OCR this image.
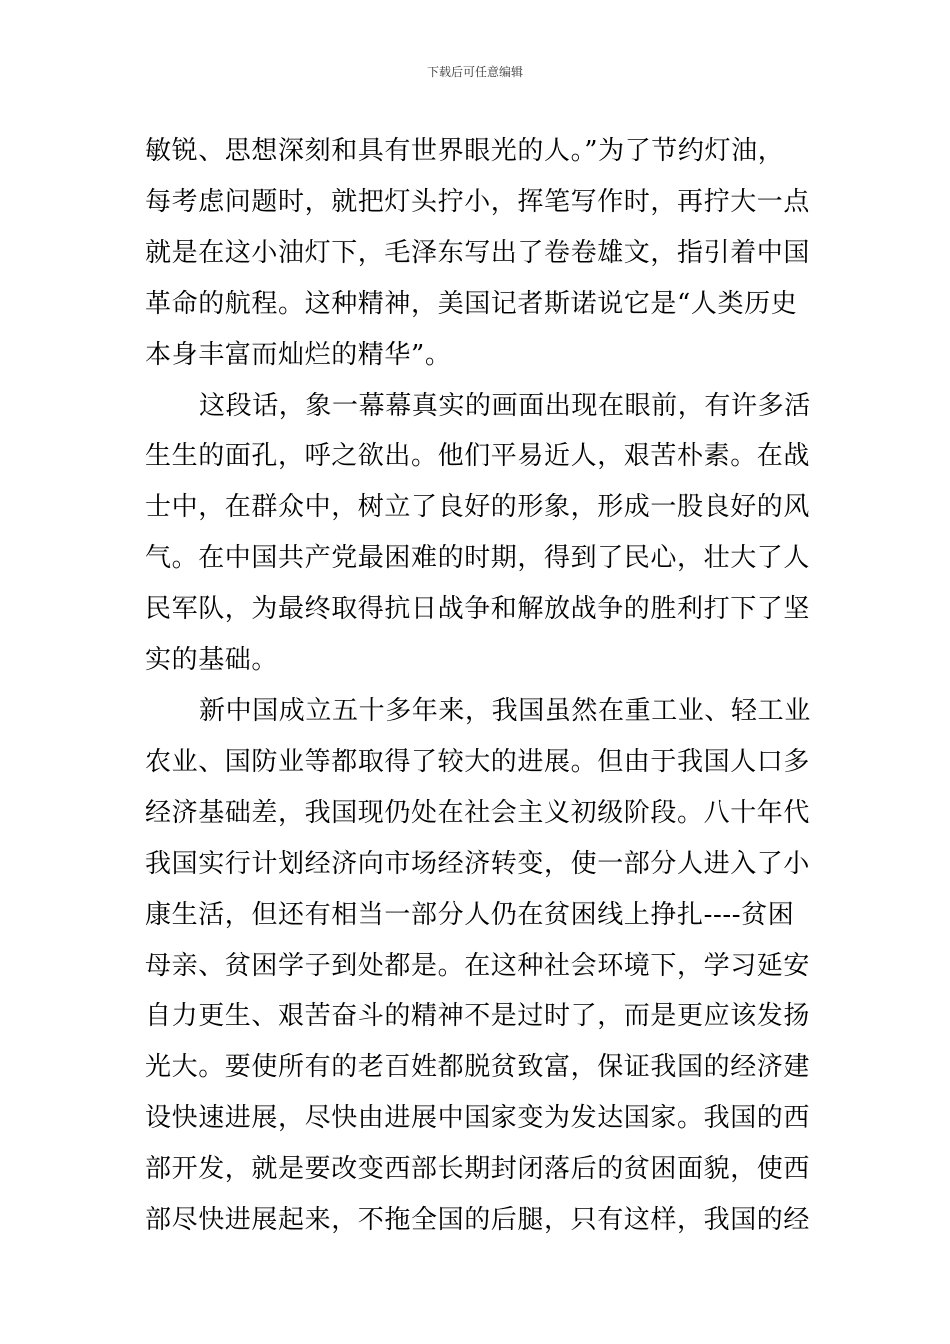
下载后可任意编辑
敏锐、思想深刻和具有世界眼光的人。”为了节约灯油，
每考虑问题时，就把灯头拧小，挥笔写作时，再拧大一点
就是在这小油灯下，毛泽东写出了卷卷雄文，指引着中国
革命的航程。这种精神，美国记者斯诺说它是“人类历史
本身丰富而灿烂的精华”。
这段话，象一幕幕真实的画面出现在眼前，有许多活
生生的面孔，呼之欲出。他们平易近人，艰苦朴素。在战
士中，在群众中，树立了良好的形象，形成一股良好的风
气。在中国共产党最困难的时期，得到了民心，壮大了人
民军队，为最终取得抗日战争和解放战争的胜利打下了坚
实的基础。
新中国成立五十多年来，我国虽然在重工业、轻工业
农业、国防业等都取得了较大的进展。但由于我国人口多
经济基础差，我国现仍处在社会主义初级阶段。八十年代
我国实行计划经济向市场经济转变，使一部分人进入了小
康生活，但还有相当一部分人仍在贫困线上挣扎----贫困
母亲、贫困学子到处都是。在这种社会环境下，学习延安
自力更生、艰苦奋斗的精神不是过时了，而是更应该发扬
光大。要使所有的老百姓都脱贫致富，保证我国的经济建
设快速进展，尽快由进展中国家变为发达国家。我国的西
部开发，就是要改变西部长期封闭落后的贫困面貌，使西
部尽快进展起来，不拖全国的后腿，只有这样，我国的经
